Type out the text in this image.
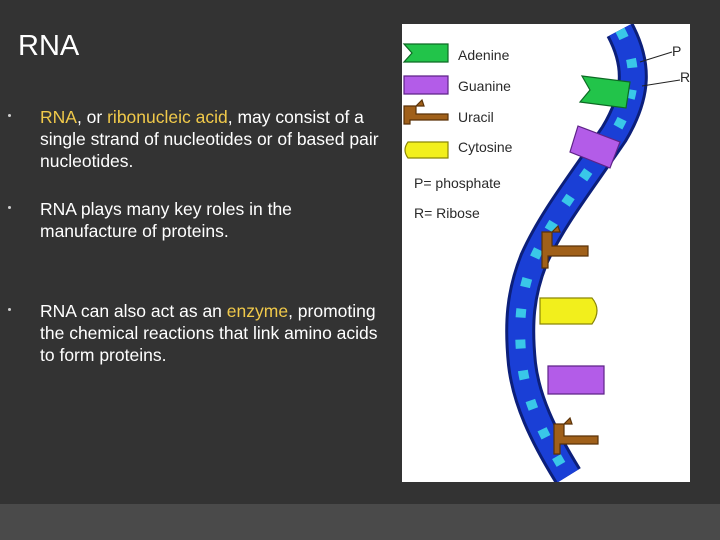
RNA
RNA, or ribonucleic acid, may consist of a single strand of nucleotides or of based pair nucleotides.
RNA plays many key roles in the manufacture of proteins.
RNA can also act as an enzyme, promoting the chemical reactions that link amino acids to form proteins.
Adenine
Guanine
Uracil
Cytosine
P= phosphate
R= Ribose
P
R
